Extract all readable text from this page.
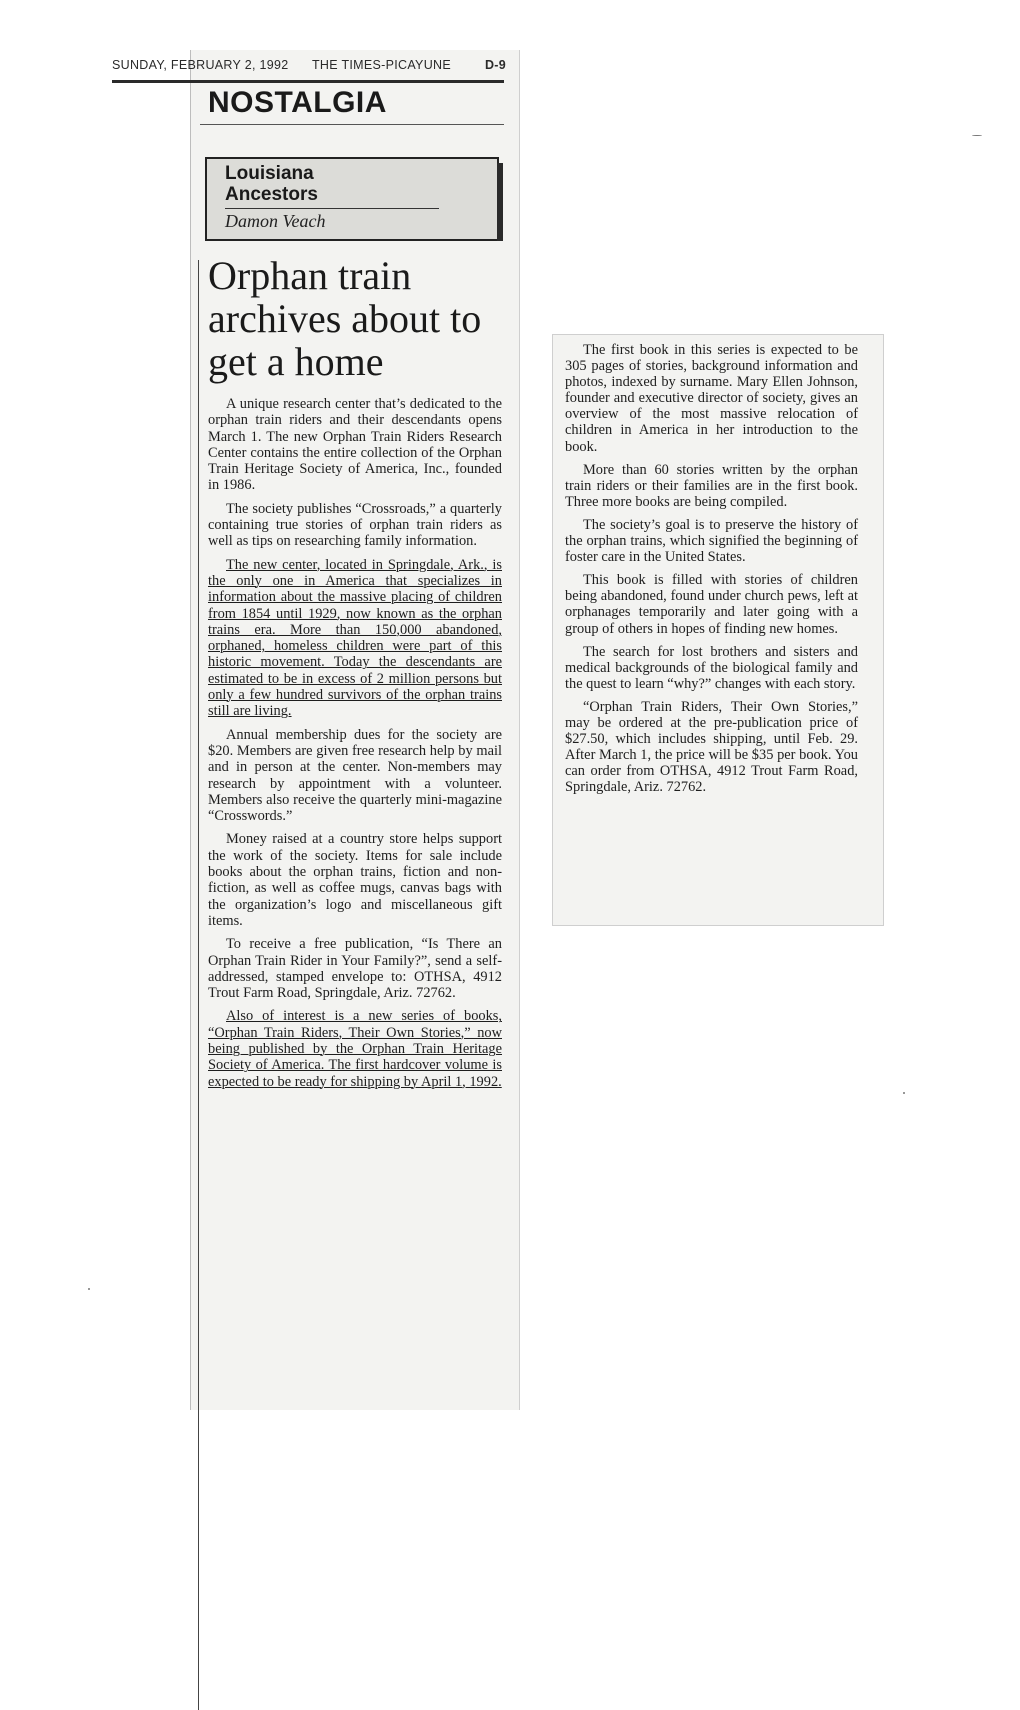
SUNDAY, FEBRUARY 2, 1992 THE TIMES-PICAYUNE	D-9
NOSTALGIA
Louisiana
Ancestors
Damon Veach
Orphan train archives about to get a home

A unique research center that’s dedicated to the orphan train riders and their descendants opens March 1. The new Orphan Train Riders Research Center contains the entire collection of the Orphan Train Heritage Society of America, Inc., founded in 1986.

The society publishes “Crossroads,” a quarterly containing true stories of orphan train riders as well as tips on researching family information.

The new center, located in Springdale, Ark., is the only one in America that specializes in information about the massive placing of children from 1854 until 1929, now known as the orphan trains era. More than 150,000 abandoned, orphaned, homeless children were part of this historic movement. Today the descendants are estimated to be in excess of 2 million persons but only a few hundred survivors of the orphan trains still are living.

Annual membership dues for the society are $20. Members are given free research help by mail and in person at the center. Non-members may research by appointment with a volunteer. Members also receive the quarterly mini-magazine “Crosswords.”

Money raised at a country store helps support the work of the society. Items for sale include books about the orphan trains, fiction and non-fiction, as well as coffee mugs, canvas bags with the organization’s logo and miscellaneous gift items.

To receive a free publication, “Is There an Orphan Train Rider in Your Family?”, send a self-addressed, stamped envelope to: OTHSA, 4912 Trout Farm Road, Springdale, Ariz. 72762.

Also of interest is a new series of books, “Orphan Train Riders, Their Own Stories,” now being published by the Orphan Train Heritage Society of America. The first hardcover volume is expected to be ready for shipping by April 1, 1992.

The first book in this series is expected to be 305 pages of stories, background information and photos, indexed by surname. Mary Ellen Johnson, founder and executive director of society, gives an overview of the most massive relocation of children in America in her introduction to the book.

More than 60 stories written by the orphan train riders or their families are in the first book. Three more books are being compiled.

The society’s goal is to preserve the history of the orphan trains, which signified the beginning of foster care in the United States.

This book is filled with stories of children being abandoned, found under church pews, left at orphanages temporarily and later going with a group of others in hopes of finding new homes.

The search for lost brothers and sisters and medical backgrounds of the biological family and the quest to learn “why?” changes with each story.

“Orphan Train Riders, Their Own Stories,” may be ordered at the pre-publication price of $27.50, which includes shipping, until Feb. 29. After March 1, the price will be $35 per book. You can order from OTHSA, 4912 Trout Farm Road, Springdale, Ariz. 72762.
